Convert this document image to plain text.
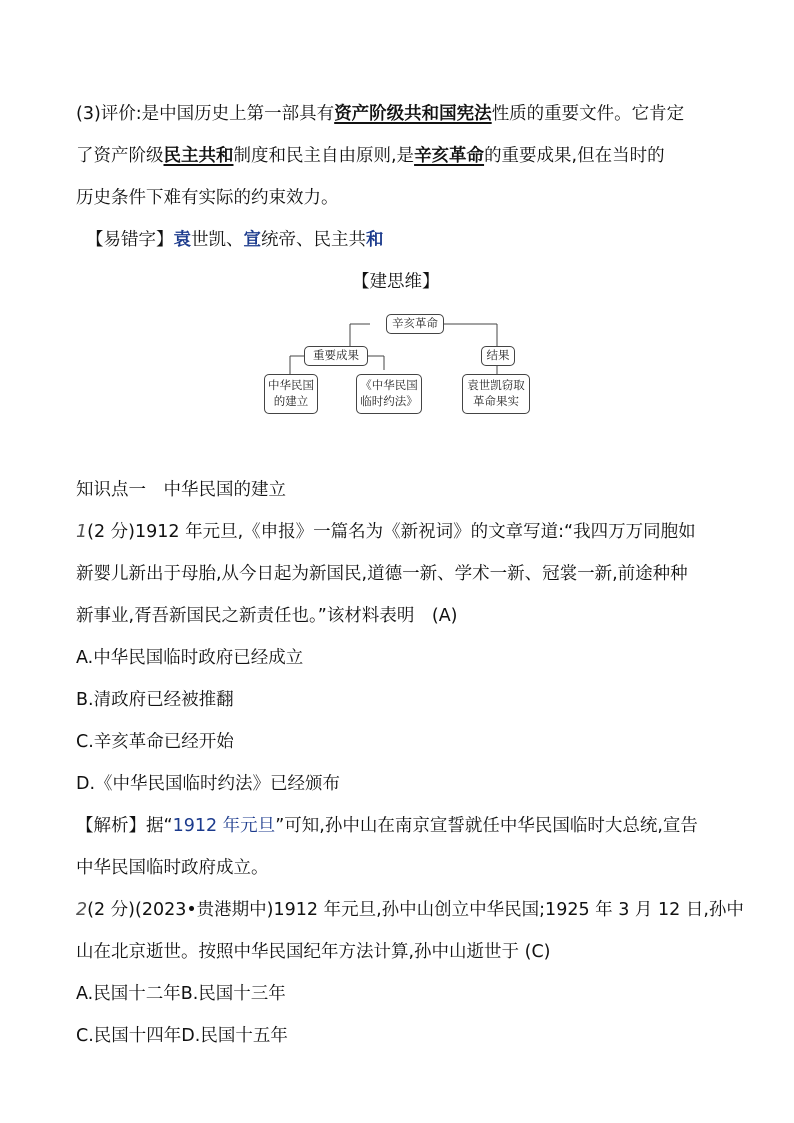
(3)评价:是中国历史上第一部具有资产阶级共和国宪法性质的重要文件。它肯定
了资产阶级民主共和制度和民主自由原则,是辛亥革命的重要成果,但在当时的
历史条件下难有实际的约束效力。
【易错字】袁世凯、宣统帝、民主共和
【建思维】
辛亥革命
重要成果	结果
中华民国
的建立
《中华民国
临时约法》
袁世凯窃取
革命果实
知识点一　中华民国的建立
1(2 分)1912 年元旦,《申报》一篇名为《新祝词》的文章写道:“我四万万同胞如
新婴儿新出于母胎,从今日起为新国民,道德一新、学术一新、冠裳一新,前途种种
新事业,胥吾新国民之新责任也。”该材料表明　(A)
A.中华民国临时政府已经成立
B.清政府已经被推翻
C.辛亥革命已经开始
D.《中华民国临时约法》已经颁布
【解析】据“1912 年元旦”可知,孙中山在南京宣誓就任中华民国临时大总统,宣告
中华民国临时政府成立。
2(2 分)(2023•贵港期中)1912 年元旦,孙中山创立中华民国;1925 年 3 月 12 日,孙中
山在北京逝世。按照中华民国纪年方法计算,孙中山逝世于 (C)
A.民国十二年B.民国十三年
C.民国十四年D.民国十五年
